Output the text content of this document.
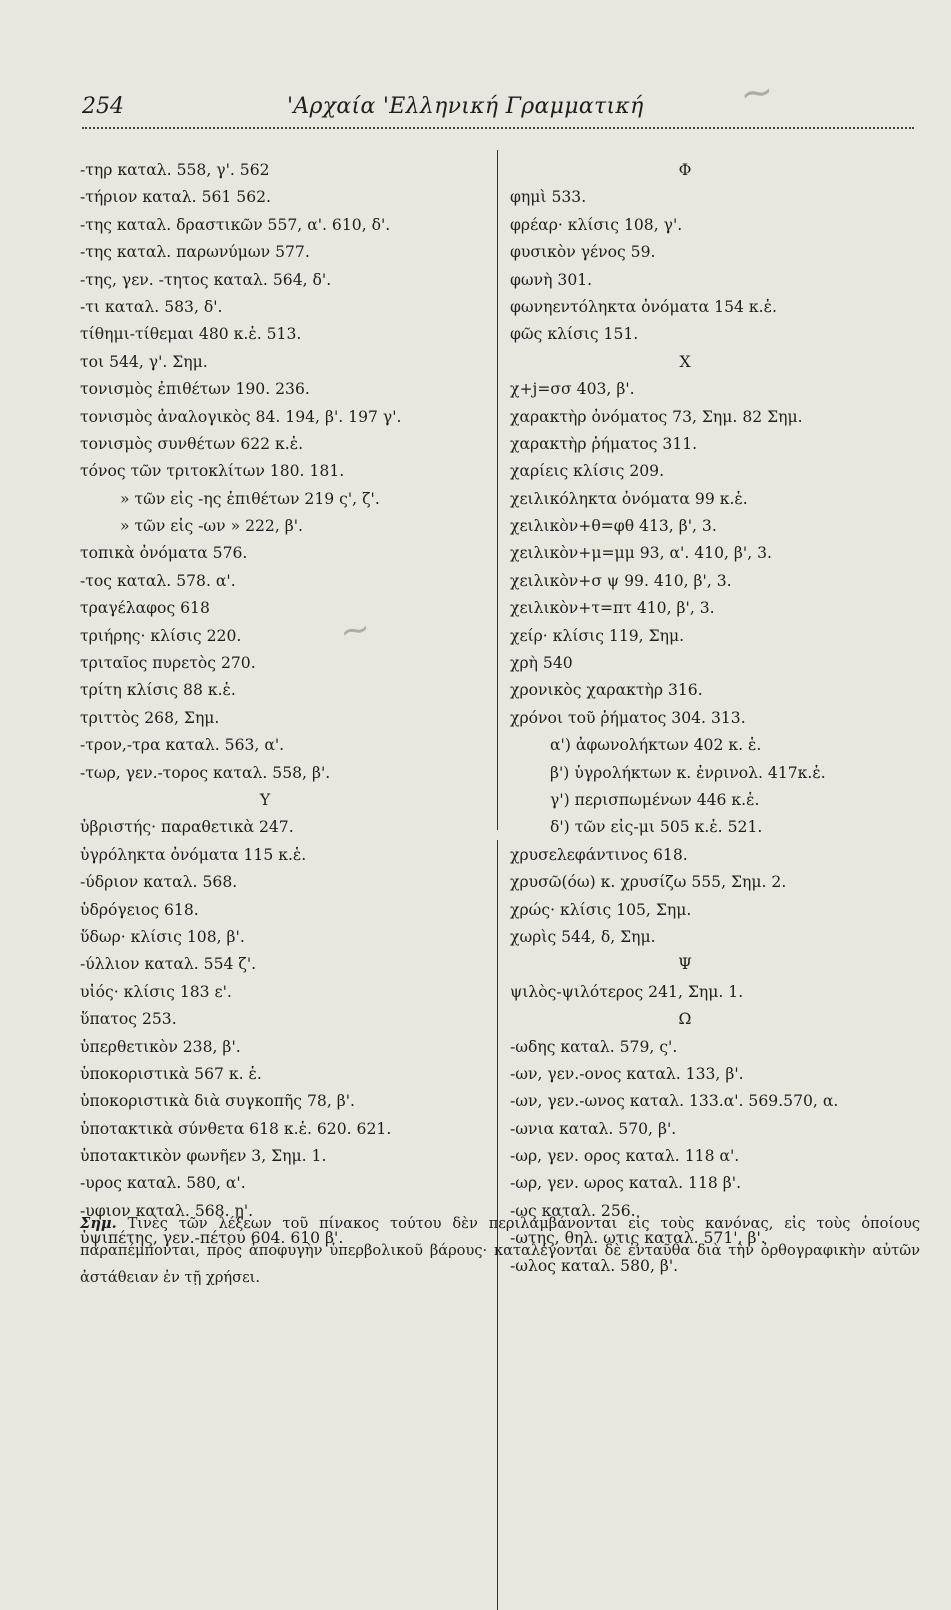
254	'Αρχαία 'Ελληνική Γραμματική
-τηρ καταλ. 558, γ'. 562
-τήριον καταλ. 561 562.
-της καταλ. δραστικῶν 557, α'. 610, δ'.
-της καταλ. παρωνύμων 577.
-της, γεν. -τητος καταλ. 564, δ'.
-τι καταλ. 583, δ'.
τίθημι-τίθεμαι 480 κ.ἑ. 513.
τοι 544, γ'. Σημ.
τονισμὸς ἐπιθέτων 190. 236.
τονισμὸς ἀναλογικὸς 84. 194, β'. 197 γ'.
τονισμὸς συνθέτων 622 κ.ἑ.
τόνος τῶν τριτοκλίτων 180. 181.
» τῶν εἰς -ης ἐπιθέτων 219 ς', ζ'.
» τῶν εἰς -ων » 222, β'.
τοπικὰ ὀνόματα 576.
-τος καταλ. 578. α'.
τραγέλαφος 618
τριήρης· κλίσις 220.
τριταῖος πυρετὸς 270.
τρίτη κλίσις 88 κ.ἑ.
τριττὸς 268, Σημ.
-τρον,-τρα καταλ. 563, α'.
-τωρ, γεν.-τορος καταλ. 558, β'.
Υ
ὑβριστής· παραθετικὰ 247.
ὑγρόληκτα ὀνόματα 115 κ.ἑ.
-ύδριον καταλ. 568.
ὑδρόγειος 618.
ὕδωρ· κλίσις 108, β'.
-ύλλιον καταλ. 554 ζ'.
υἱός· κλίσις 183 ε'.
ὕπατος 253.
ὑπερθετικὸν 238, β'.
ὑποκοριστικὰ 567 κ. ἑ.
ὑποκοριστικὰ διὰ συγκοπῆς 78, β'.
ὑποτακτικὰ σύνθετα 618 κ.ἑ. 620. 621.
ὑποτακτικὸν φωνῆεν 3, Σημ. 1.
-υρος καταλ. 580, α'.
-υφιον καταλ. 568. η'.
ὑψιπέτης, γεν.-πέτου 604. 610 β'.
Φ
φημὶ 533.
φρέαρ· κλίσις 108, γ'.
φυσικὸν γένος 59.
φωνὴ 301.
φωνηεντόληκτα ὀνόματα 154 κ.ἑ.
φῶς κλίσις 151.
Χ
χ+j=σσ 403, β'.
χαρακτὴρ ὀνόματος 73, Σημ. 82 Σημ.
χαρακτὴρ ῥήματος 311.
χαρίεις κλίσις 209.
χειλικόληκτα ὀνόματα 99 κ.ἑ.
χειλικὸν+θ=φθ 413, β', 3.
χειλικὸν+μ=μμ 93, α'. 410, β', 3.
χειλικὸν+σ ψ 99. 410, β', 3.
χειλικὸν+τ=πτ 410, β', 3.
χείρ· κλίσις 119, Σημ.
χρὴ 540
χρονικὸς χαρακτὴρ 316.
χρόνοι τοῦ ῥήματος 304. 313.
α') ἀφωνολήκτων 402 κ. ἑ.
β') ὑγρολήκτων κ. ἐνρινολ. 417κ.ἑ.
γ') περισπωμένων 446 κ.ἑ.
δ') τῶν εἰς-μι 505 κ.ἑ. 521.
χρυσελεφάντινος 618.
χρυσῶ(όω) κ. χρυσίζω 555, Σημ. 2.
χρώς· κλίσις 105, Σημ.
χωρὶς 544, δ, Σημ.
Ψ
ψιλὸς-ψιλότερος 241, Σημ. 1.
Ω
-ωδης καταλ. 579, ς'.
-ων, γεν.-ονος καταλ. 133, β'.
-ων, γεν.-ωνος καταλ. 133.α'. 569.570, α.
-ωνια καταλ. 570, β'.
-ωρ, γεν. ορος καταλ. 118 α'.
-ωρ, γεν. ωρος καταλ. 118 β'.
-ως καταλ. 256.
-ωτης, θηλ. ωτις καταλ. 571', β'.
-ωλος καταλ. 580, β'.
Σημ. Τινὲς τῶν λέξεων τοῦ πίνακος τούτου δὲν περιλαμβάνονται εἰς τοὺς κανόνας, εἰς τοὺς ὁποίους παραπέμπονται, πρὸς ἀποφυγὴν ὑπερβολικοῦ βάρους· καταλέγονται δὲ ἐνταῦθα διὰ τὴν ὀρθογραφικὴν αὐτῶν ἀστάθειαν ἐν τῇ χρήσει.
~
~
